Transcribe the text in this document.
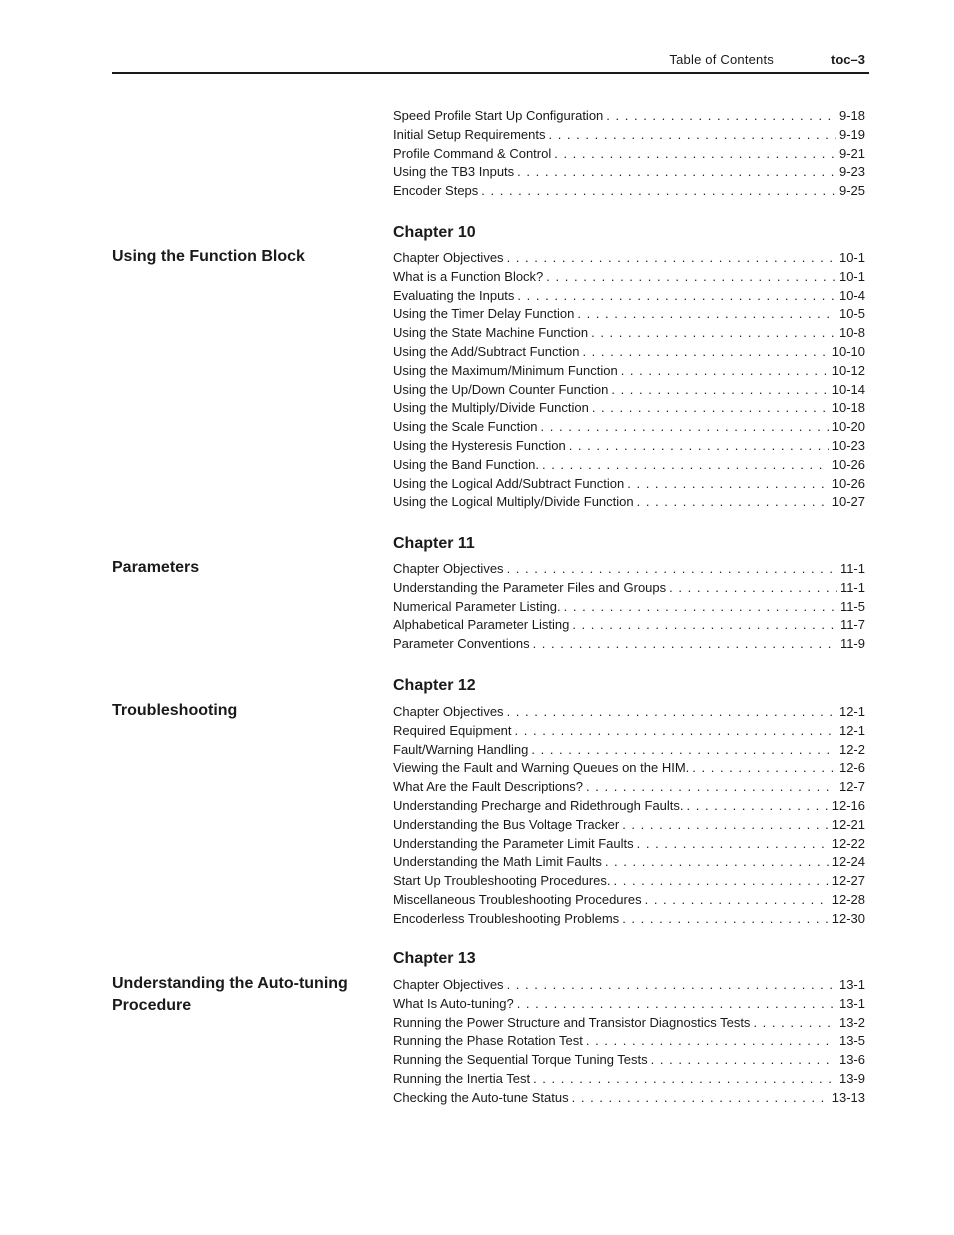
Table of Contents	toc–3
Speed Profile Start Up Configuration . . .	9-18
Initial Setup Requirements . . .	9-19
Profile Command & Control . . .	9-21
Using the TB3 Inputs . . .	9-23
Encoder Steps . . .	9-25
Chapter 10
Using the Function Block	Chapter Objectives . . .	10-1
What is a Function Block? . . .	10-1
Evaluating the Inputs . . .	10-4
Using the Timer Delay Function . . .	10-5
Using the State Machine Function . . .	10-8
Using the Add/Subtract Function . . .	10-10
Using the Maximum/Minimum Function . . .	10-12
Using the Up/Down Counter Function . . .	10-14
Using the Multiply/Divide Function . . .	10-18
Using the Scale Function . . .	10-20
Using the Hysteresis Function . . .	10-23
Using the Band Function. . . .	10-26
Using the Logical Add/Subtract Function . . .	10-26
Using the Logical Multiply/Divide Function . . .	10-27
Chapter 11
Parameters	Chapter Objectives . . .	11-1
Understanding the Parameter Files and Groups . . .	11-1
Numerical Parameter Listing. . . .	11-5
Alphabetical Parameter Listing . . .	11-7
Parameter Conventions . . .	11-9
Chapter 12
Troubleshooting	Chapter Objectives . . .	12-1
Required Equipment . . .	12-1
Fault/Warning Handling . . .	12-2
Viewing the Fault and Warning Queues on the HIM. . . .	12-6
What Are the Fault Descriptions? . . .	12-7
Understanding Precharge and Ridethrough Faults. . . .	12-16
Understanding the Bus Voltage Tracker . . .	12-21
Understanding the Parameter Limit Faults . . .	12-22
Understanding the Math Limit Faults . . .	12-24
Start Up Troubleshooting Procedures. . . .	12-27
Miscellaneous Troubleshooting Procedures . . .	12-28
Encoderless Troubleshooting Problems . . .	12-30
Chapter 13
Understanding the Auto-tuning Procedure
Chapter Objectives . . .	13-1
What Is Auto-tuning? . . .	13-1
Running the Power Structure and Transistor Diagnostics Tests . . .	13-2
Running the Phase Rotation Test . . .	13-5
Running the Sequential Torque Tuning Tests . . .	13-6
Running the Inertia Test . . .	13-9
Checking the Auto-tune Status . . .	13-13
